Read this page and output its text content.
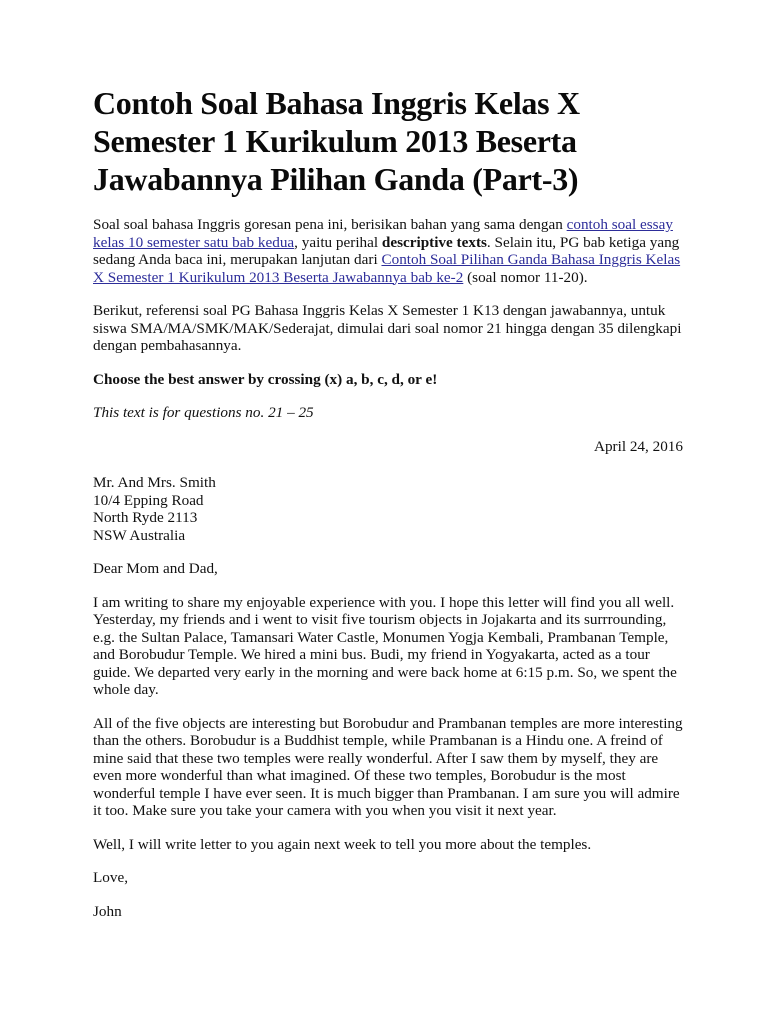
Contoh Soal Bahasa Inggris Kelas X Semester 1 Kurikulum 2013 Beserta Jawabannya Pilihan Ganda (Part-3)

Soal soal bahasa Inggris goresan pena ini, berisikan bahan yang sama dengan contoh soal essay kelas 10 semester satu bab kedua, yaitu perihal descriptive texts. Selain itu, PG bab ketiga yang sedang Anda baca ini, merupakan lanjutan dari Contoh Soal Pilihan Ganda Bahasa Inggris Kelas X Semester 1 Kurikulum 2013 Beserta Jawabannya bab ke-2 (soal nomor 11-20).

Berikut, referensi soal PG Bahasa Inggris Kelas X Semester 1 K13 dengan jawabannya, untuk siswa SMA/MA/SMK/MAK/Sederajat, dimulai dari soal nomor 21 hingga dengan 35 dilengkapi dengan pembahasannya.

Choose the best answer by crossing (x) a, b, c, d, or e!

This text is for questions no. 21 – 25

April 24, 2016

Mr. And Mrs. Smith
10/4 Epping Road
North Ryde 2113
NSW Australia

Dear Mom and Dad,

I am writing to share my enjoyable experience with you. I hope this letter will find you all well. Yesterday, my friends and i went to visit five tourism objects in Jojakarta and its surrrounding, e.g. the Sultan Palace, Tamansari Water Castle, Monumen Yogja Kembali, Prambanan Temple, and Borobudur Temple. We hired a mini bus. Budi, my friend in Yogyakarta, acted as a tour guide. We departed very early in the morning and were back home at 6:15 p.m. So, we spent the whole day.

All of the five objects are interesting but Borobudur and Prambanan temples are more interesting than the others. Borobudur is a Buddhist temple, while Prambanan is a Hindu one. A freind of mine said that these two temples were really wonderful. After I saw them by myself, they are even more wonderful than what imagined. Of these two temples, Borobudur is the most wonderful temple I have ever seen. It is much bigger than Prambanan. I am sure you will admire it too. Make sure you take your camera with you when you visit it next year.

Well, I will write letter to you again next week to tell you more about the temples.

Love,

John
